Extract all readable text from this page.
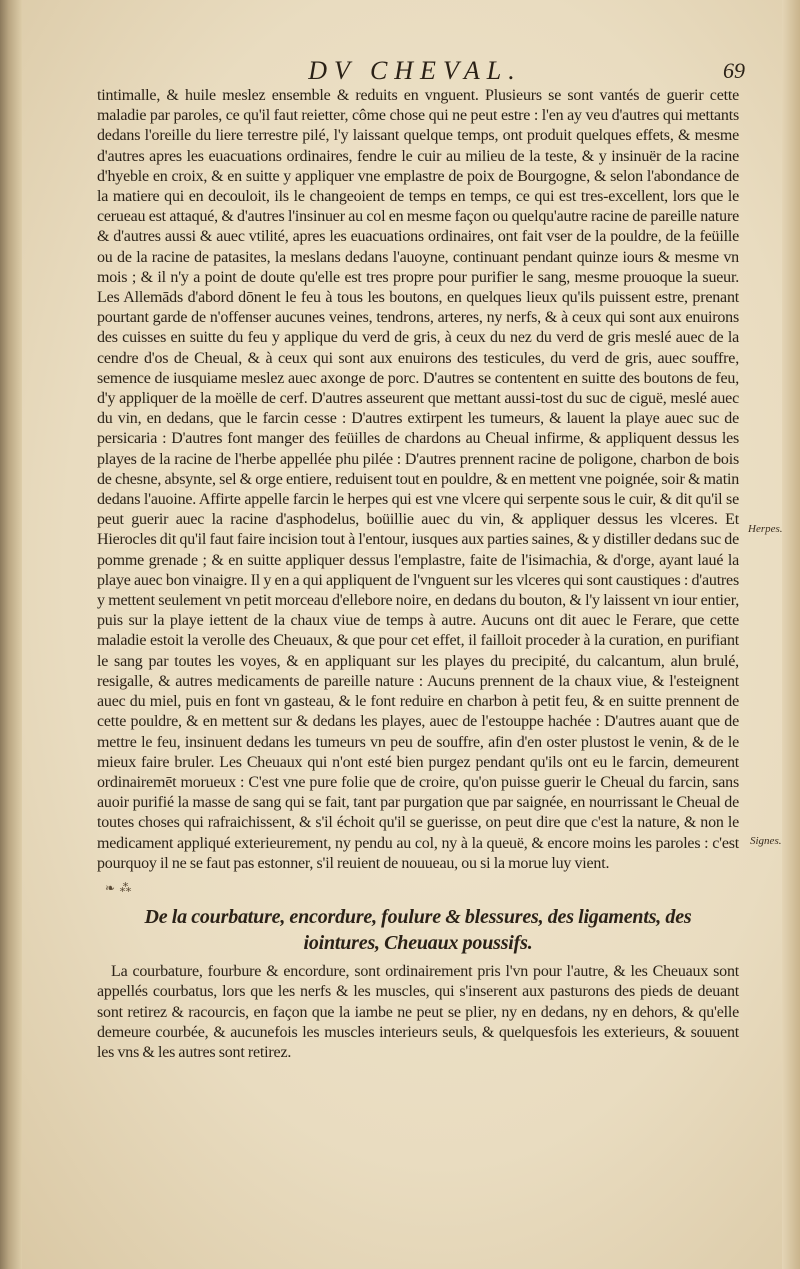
DV CHEVAL.	69
Herpes.
Signes.

tintimalle, & huile meslez ensemble & reduits en vnguent. Plusieurs se sont vantés de guerir cette maladie par paroles, ce qu'il faut reietter, côme chose qui ne peut estre : l'en ay veu d'autres qui mettants dedans l'oreille du liere terrestre pilé, l'y laissant quelque temps, ont produit quelques effets, & mesme d'autres apres les euacuations ordinaires, fendre le cuir au milieu de la teste, & y insinuër de la racine d'hyeble en croix, & en suitte y appliquer vne emplastre de poix de Bourgogne, & selon l'abondance de la matiere qui en decouloit, ils le changeoient de temps en temps, ce qui est tres-excellent, lors que le cerueau est attaqué, & d'autres l'insinuer au col en mesme façon ou quelqu'autre racine de pareille nature & d'autres aussi & auec vtilité, apres les euacuations ordinaires, ont fait vser de la pouldre, de la feüille ou de la racine de patasites, la meslans dedans l'auoyne, continuant pendant quinze iours & mesme vn mois ; & il n'y a point de doute qu'elle est tres propre pour purifier le sang, mesme prouoque la sueur. Les Allemāds d'abord dōnent le feu à tous les boutons, en quelques lieux qu'ils puissent estre, prenant pourtant garde de n'offenser aucunes veines, tendrons, arteres, ny nerfs, & à ceux qui sont aux enuirons des cuisses en suitte du feu y applique du verd de gris, à ceux du nez du verd de gris meslé auec de la cendre d'os de Cheual, & à ceux qui sont aux enuirons des testicules, du verd de gris, auec souffre, semence de iusquiame meslez auec axonge de porc. D'autres se contentent en suitte des boutons de feu, d'y appliquer de la moëlle de cerf. D'autres asseurent que mettant aussi-tost du suc de ciguë, meslé auec du vin, en dedans, que le farcin cesse : D'autres extirpent les tumeurs, & lauent la playe auec suc de persicaria : D'autres font manger des feüilles de chardons au Cheual infirme, & appliquent dessus les playes de la racine de l'herbe appellée phu pilée : D'autres prennent racine de poligone, charbon de bois de chesne, absynte, sel & orge entiere, reduisent tout en pouldre, & en mettent vne poignée, soir & matin dedans l'auoine. Affirte appelle farcin le herpes qui est vne vlcere qui serpente sous le cuir, & dit qu'il se peut guerir auec la racine d'asphodelus, boüillie auec du vin, & appliquer dessus les vlceres. Et Hierocles dit qu'il faut faire incision tout à l'entour, iusques aux parties saines, & y distiller dedans suc de pomme grenade ; & en suitte appliquer dessus l'emplastre, faite de l'isimachia, & d'orge, ayant laué la playe auec bon vinaigre. Il y en a qui appliquent de l'vnguent sur les vlceres qui sont caustiques : d'autres y mettent seulement vn petit morceau d'ellebore noire, en dedans du bouton, & l'y laissent vn iour entier, puis sur la playe iettent de la chaux viue de temps à autre. Aucuns ont dit auec le Ferare, que cette maladie estoit la verolle des Cheuaux, & que pour cet effet, il failloit proceder à la curation, en purifiant le sang par toutes les voyes, & en appliquant sur les playes du precipité, du calcantum, alun brulé, resigalle, & autres medicaments de pareille nature : Aucuns prennent de la chaux viue, & l'esteignent auec du miel, puis en font vn gasteau, & le font reduire en charbon à petit feu, & en suitte prennent de cette pouldre, & en mettent sur & dedans les playes, auec de l'estouppe hachée : D'autres auant que de mettre le feu, insinuent dedans les tumeurs vn peu de souffre, afin d'en oster plustost le venin, & de le mieux faire bruler. Les Cheuaux qui n'ont esté bien purgez pendant qu'ils ont eu le farcin, demeurent ordinairemēt morueux : C'est vne pure folie que de croire, qu'on puisse guerir le Cheual du farcin, sans auoir purifié la masse de sang qui se fait, tant par purgation que par saignée, en nourrissant le Cheual de toutes choses qui rafraichissent, & s'il échoit qu'il se guerisse, on peut dire que c'est la nature, & non le medicament appliqué exterieurement, ny pendu au col, ny à la queuë, & encore moins les paroles : c'est pourquoy il ne se faut pas estonner, s'il reuient de nouueau, ou si la morue luy vient.

❧ ⁂
De la courbature, encordure, foulure & blessures, des ligaments, des
iointures, Cheuaux poussifs.

La courbature, fourbure & encordure, sont ordinairement pris l'vn pour l'autre, & les Cheuaux sont appellés courbatus, lors que les nerfs & les muscles, qui s'inserent aux pasturons des pieds de deuant sont retirez & racourcis, en façon que la iambe ne peut se plier, ny en dedans, ny en dehors, & qu'elle demeure courbée, & aucunefois les muscles interieurs seuls, & quelquesfois les exterieurs, & souuent les vns & les autres sont retirez.
